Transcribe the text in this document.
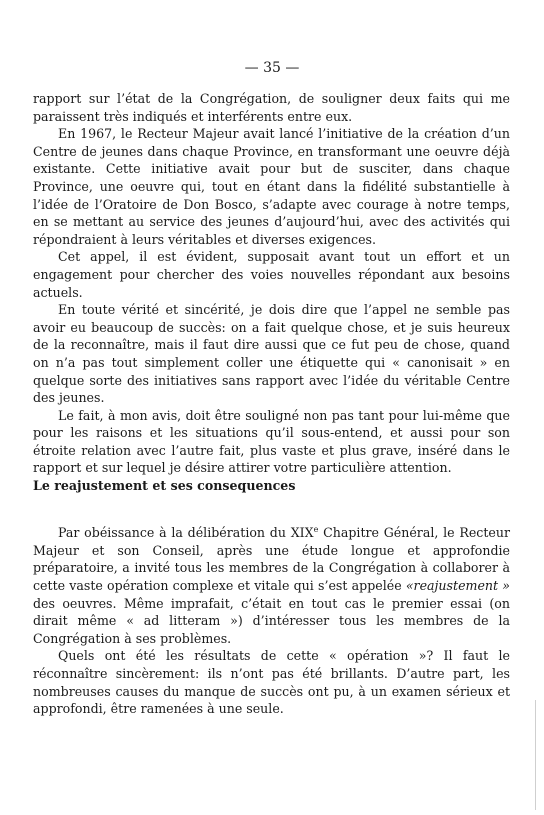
— 35 —

rapport sur l’état de la Congrégation, de souligner deux faits qui me paraissent très indiqués et interférents entre eux.

En 1967, le Recteur Majeur avait lancé l’initiative de la création d’un Centre de jeunes dans chaque Province, en transformant une oeuvre déjà existante. Cette initiative avait pour but de susciter, dans chaque Province, une oeuvre qui, tout en étant dans la fidélité substantielle à l’idée de l’Oratoire de Don Bosco, s’adapte avec courage à notre temps, en se mettant au service des jeunes d’aujourd’hui, avec des activités qui répondraient à leurs véritables et diverses exigences.

Cet appel, il est évident, supposait avant tout un effort et un engagement pour chercher des voies nouvelles répondant aux besoins actuels.

En toute vérité et sincérité, je dois dire que l’appel ne semble pas avoir eu beaucoup de succès: on a fait quelque chose, et je suis heureux de la reconnaître, mais il faut dire aussi que ce fut peu de chose, quand on n’a pas tout simplement coller une étiquette qui « canonisait » en quelque sorte des initiatives sans rapport avec l’idée du véritable Centre des jeunes.

Le fait, à mon avis, doit être souligné non pas tant pour lui-même que pour les raisons et les situations qu’il sous-entend, et aussi pour son étroite relation avec l’autre fait, plus vaste et plus grave, inséré dans le rapport et sur lequel je désire attirer votre particulière attention.

Le reajustement et ses consequences

Par obéissance à la délibération du XIXe Chapitre Général, le Recteur Majeur et son Conseil, après une étude longue et approfondie préparatoire, a invité tous les membres de la Congrégation à collaborer à cette vaste opération complexe et vitale qui s’est appelée «reajustement » des oeuvres. Même imprafait, c’était en tout cas le premier essai (on dirait même « ad litteram ») d’intéresser tous les membres de la Congrégation à ses problèmes.

Quels ont été les résultats de cette « opération »? Il faut le réconnaître sincèrement: ils n’ont pas été brillants. D’autre part, les nombreuses causes du manque de succès ont pu, à un examen sérieux et approfondi, être ramenées à une seule.
